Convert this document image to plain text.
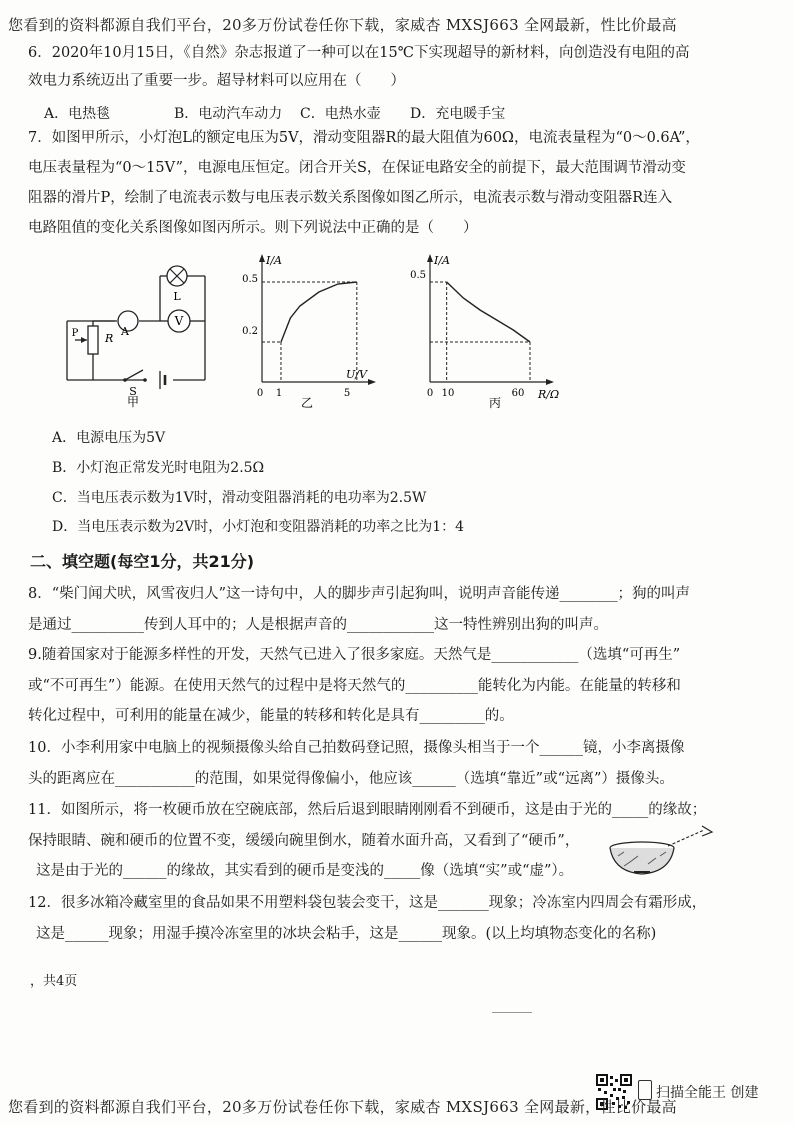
您看到的资料都源自我们平台，20多万份试卷任你下载，家威杏 MXSJ663 全网最新，性比价最高
6．2020年10月15日，《自然》杂志报道了一种可以在15℃下实现超导的新材料，向创造没有电阻的高
效电力系统迈出了重要一步。超导材料可以应用在（　　）
A．电热毯	B．电动汽车动力 C．电热水壶 D．充电暖手宝
7．如图甲所示，小灯泡L的额定电压为5V，滑动变阻器R的最大阻值为60Ω，电流表量程为“0～0.6A”，
电压表量程为“0～15V”，电源电压恒定。闭合开关S，在保证电路安全的前提下，最大范围调节滑动变
阻器的滑片P，绘制了电流表示数与电压表示数关系图像如图乙所示，电流表示数与滑动变阻器R连入
电路阻值的变化关系图像如图丙所示。则下列说法中正确的是（　　）
A
V
L
P R
S
甲
I/A
U/V
0.5
0.2
0 1	5
乙
I/A
R/Ω
0.5
0 10	60
丙
A．电源电压为5V
B．小灯泡正常发光时电阻为2.5Ω
C．当电压表示数为1V时，滑动变阻器消耗的电功率为2.5W
D．当电压表示数为2V时，小灯泡和变阻器消耗的功率之比为1：4
二、填空题(每空1分，共21分)
8．“柴门闻犬吠，风雪夜归人”这一诗句中，人的脚步声引起狗叫，说明声音能传递________；狗的叫声
是通过__________传到人耳中的；人是根据声音的____________这一特性辨别出狗的叫声。
9.随着国家对于能源多样性的开发，天然气已进入了很多家庭。天然气是____________（选填“可再生”
或“不可再生”）能源。在使用天然气的过程中是将天然气的__________能转化为内能。在能量的转移和
转化过程中，可利用的能量在减少，能量的转移和转化是具有_________的。
10．小李利用家中电脑上的视频摄像头给自己拍数码登记照，摄像头相当于一个______镜，小李离摄像
头的距离应在___________的范围，如果觉得像偏小，他应该______（选填“靠近”或“远离”）摄像头。
11．如图所示，将一枚硬币放在空碗底部，然后后退到眼睛刚刚看不到硬币，这是由于光的_____的缘故；
保持眼睛、碗和硬币的位置不变，缓缓向碗里倒水，随着水面升高，又看到了“硬币”，
这是由于光的______的缘故，其实看到的硬币是变浅的_____像（选填“实”或“虚”）。
12．很多冰箱冷藏室里的食品如果不用塑料袋包装会变干，这是_______现象；冷冻室内四周会有霜形成，
这是______现象；用湿手摸冷冻室里的冰块会粘手，这是______现象。(以上均填物态变化的名称)
，共4页
扫描全能王 创建
您看到的资料都源自我们平台，20多万份试卷任你下载，家威杏 MXSJ663 全网最新，性比价最高
